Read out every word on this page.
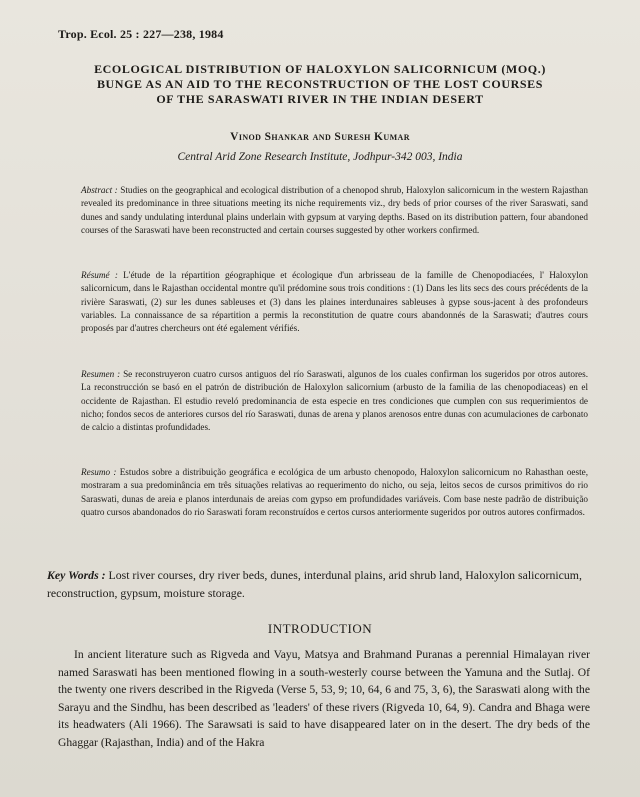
Trop. Ecol. 25 : 227—238, 1984
ECOLOGICAL DISTRIBUTION OF HALOXYLON SALICORNICUM (MOQ.)
BUNGE AS AN AID TO THE RECONSTRUCTION OF THE LOST COURSES
OF THE SARASWATI RIVER IN THE INDIAN DESERT
Vinod Shankar and Suresh Kumar
Central Arid Zone Research Institute, Jodhpur-342 003, India
Abstract : Studies on the geographical and ecological distribution of a chenopod shrub, Haloxylon salicornicum in the western Rajasthan revealed its predominance in three situations meeting its niche requirements viz., dry beds of prior courses of the river Saraswati, sand dunes and sandy undulating interdunal plains underlain with gypsum at varying depths. Based on its distribution pattern, four abandoned courses of the Saraswati have been reconstructed and certain courses suggested by other workers confirmed.
Résumé : L'étude de la répartition géographique et écologique d'un arbrisseau de la famille de Chenopodiacées, l' Haloxylon salicornicum, dans le Rajasthan occidental montre qu'il prédomine sous trois conditions : (1) Dans les lits secs des cours précédents de la rivière Saraswati, (2) sur les dunes sableuses et (3) dans les plaines interdunaires sableuses à gypse sous-jacent à des profondeurs variables. La connaissance de sa répartition a permis la reconstitution de quatre cours abandonnés de la Saraswati; d'autres cours proposés par d'autres chercheurs ont été egalement vérifiés.
Resumen : Se reconstruyeron cuatro cursos antiguos del río Saraswati, algunos de los cuales confirman los sugeridos por otros autores. La reconstrucción se basó en el patrón de distribución de Haloxylon salicornium (arbusto de la familia de las chenopodiaceas) en el occidente de Rajasthan. El estudio reveló predominancia de esta especie en tres condiciones que cumplen con sus requerimientos de nicho; fondos secos de anteriores cursos del río Saraswati, dunas de arena y planos arenosos entre dunas con acumulaciones de carbonato de calcio a distintas profundidades.
Resumo : Estudos sobre a distribuição geográfica e ecológica de um arbusto chenopodo, Haloxylon salicornicum no Rahasthan oeste, mostraram a sua predominância em três situações relativas ao requerimento do nicho, ou seja, leitos secos de cursos primitivos do rio Saraswati, dunas de areia e planos interdunais de areias com gypso em profundidades variáveis. Com base neste padrão de distribuição quatro cursos abandonados do rio Saraswati foram reconstruídos e certos cursos anteriormente sugeridos por outros autores confirmados.
Key Words : Lost river courses, dry river beds, dunes, interdunal plains, arid shrub land, Haloxylon salicornicum, reconstruction, gypsum, moisture storage.
INTRODUCTION
In ancient literature such as Rigveda and Vayu, Matsya and Brahmand Puranas a perennial Himalayan river named Saraswati has been mentioned flowing in a south-westerly course between the Yamuna and the Sutlaj. Of the twenty one rivers described in the Rigveda (Verse 5, 53, 9; 10, 64, 6 and 75, 3, 6), the Saraswati along with the Sarayu and the Sindhu, has been described as 'leaders' of these rivers (Rigveda 10, 64, 9). Candra and Bhaga were its headwaters (Ali 1966). The Sarawsati is said to have disappeared later on in the desert. The dry beds of the Ghaggar (Rajasthan, India) and of the Hakra
